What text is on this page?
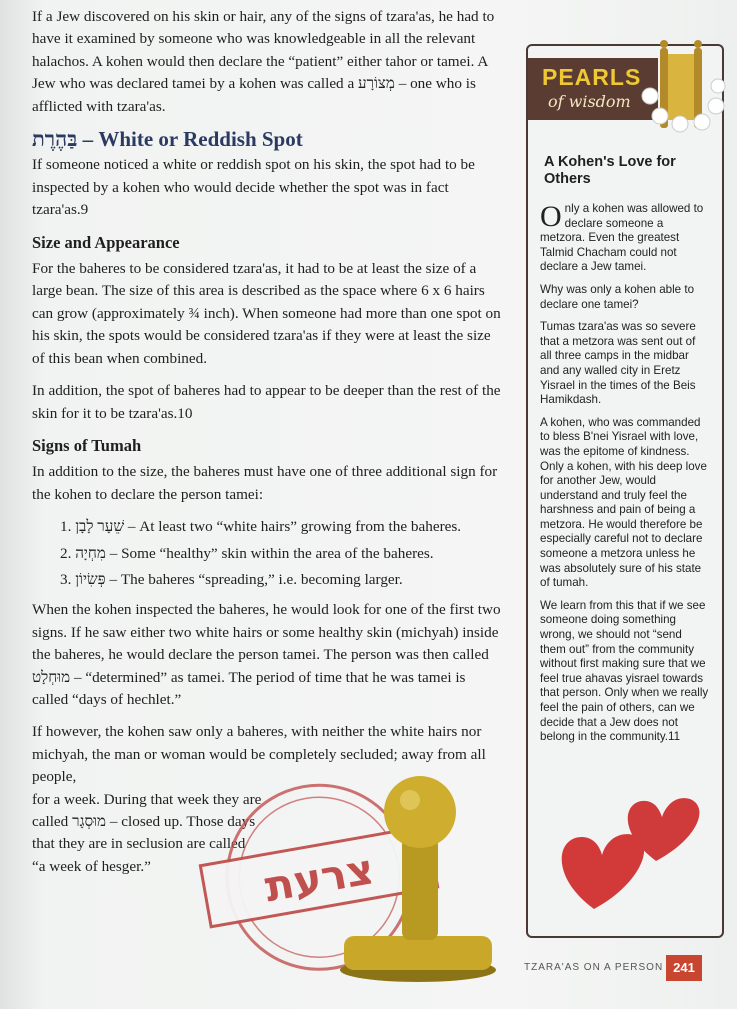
If a Jew discovered on his skin or hair, any of the signs of tzara'as, he had to have it examined by someone who was knowledgeable in all the relevant halachos. A kohen would then declare the “patient” either tahor or tamei. A Jew who was declared tamei by a kohen was called a מְצוֹרָע – one who is afflicted with tzara'as.

בַּהֶרֶת – White or Reddish Spot

If someone noticed a white or reddish spot on his skin, the spot had to be inspected by a kohen who would decide whether the spot was in fact tzara'as.9

Size and Appearance

For the baheres to be considered tzara'as, it had to be at least the size of a large bean. The size of this area is described as the space where 6 x 6 hairs can grow (approximately ¾ inch). When someone had more than one spot on his skin, the spots would be considered tzara'as if they were at least the size of this bean when combined.

In addition, the spot of baheres had to appear to be deeper than the rest of the skin for it to be tzara'as.10

Signs of Tumah

In addition to the size, the baheres must have one of three additional sign for the kohen to declare the person tamei:

1. שֵׁעָר לָבָן – At least two “white hairs” growing from the baheres.
2. מִחְיָה – Some “healthy” skin within the area of the baheres.
3. פְּשִׂיוֹן – The baheres “spreading,” i.e. becoming larger.

When the kohen inspected the baheres, he would look for one of the first two signs. If he saw either two white hairs or some healthy skin (michyah) inside the baheres, he would declare the person tamei. The person was then called מוּחְלָט – “determined” as tamei. The period of time that he was tamei is called “days of hechlet.”

If however, the kohen saw only a baheres, with neither the white hairs nor michyah, the man or woman would be completely secluded; away from all people,

for a week. During that week they are called מוּסְגָר – closed up. Those days that they are in seclusion are called “a week of hesger.”	צרעת
PEARLS
of wisdom
A Kohen's Love for Others

Only a kohen was allowed to declare someone a metzora. Even the greatest Talmid Chacham could not declare a Jew tamei.

Why was only a kohen able to declare one tamei?

Tumas tzara'as was so severe that a metzora was sent out of all three camps in the midbar and any walled city in Eretz Yisrael in the times of the Beis Hamikdash.

A kohen, who was commanded to bless B'nei Yisrael with love, was the epitome of kindness. Only a kohen, with his deep love for another Jew, would understand and truly feel the harshness and pain of being a metzora. He would therefore be especially careful not to declare someone a metzora unless he was absolutely sure of his state of tumah.

We learn from this that if we see someone doing something wrong, we should not “send them out” from the community without first making sure that we feel true ahavas yisrael towards that person. Only when we really feel the pain of others, can we decide that a Jew does not belong in the community.11

TZARA'AS ON A PERSON 241
